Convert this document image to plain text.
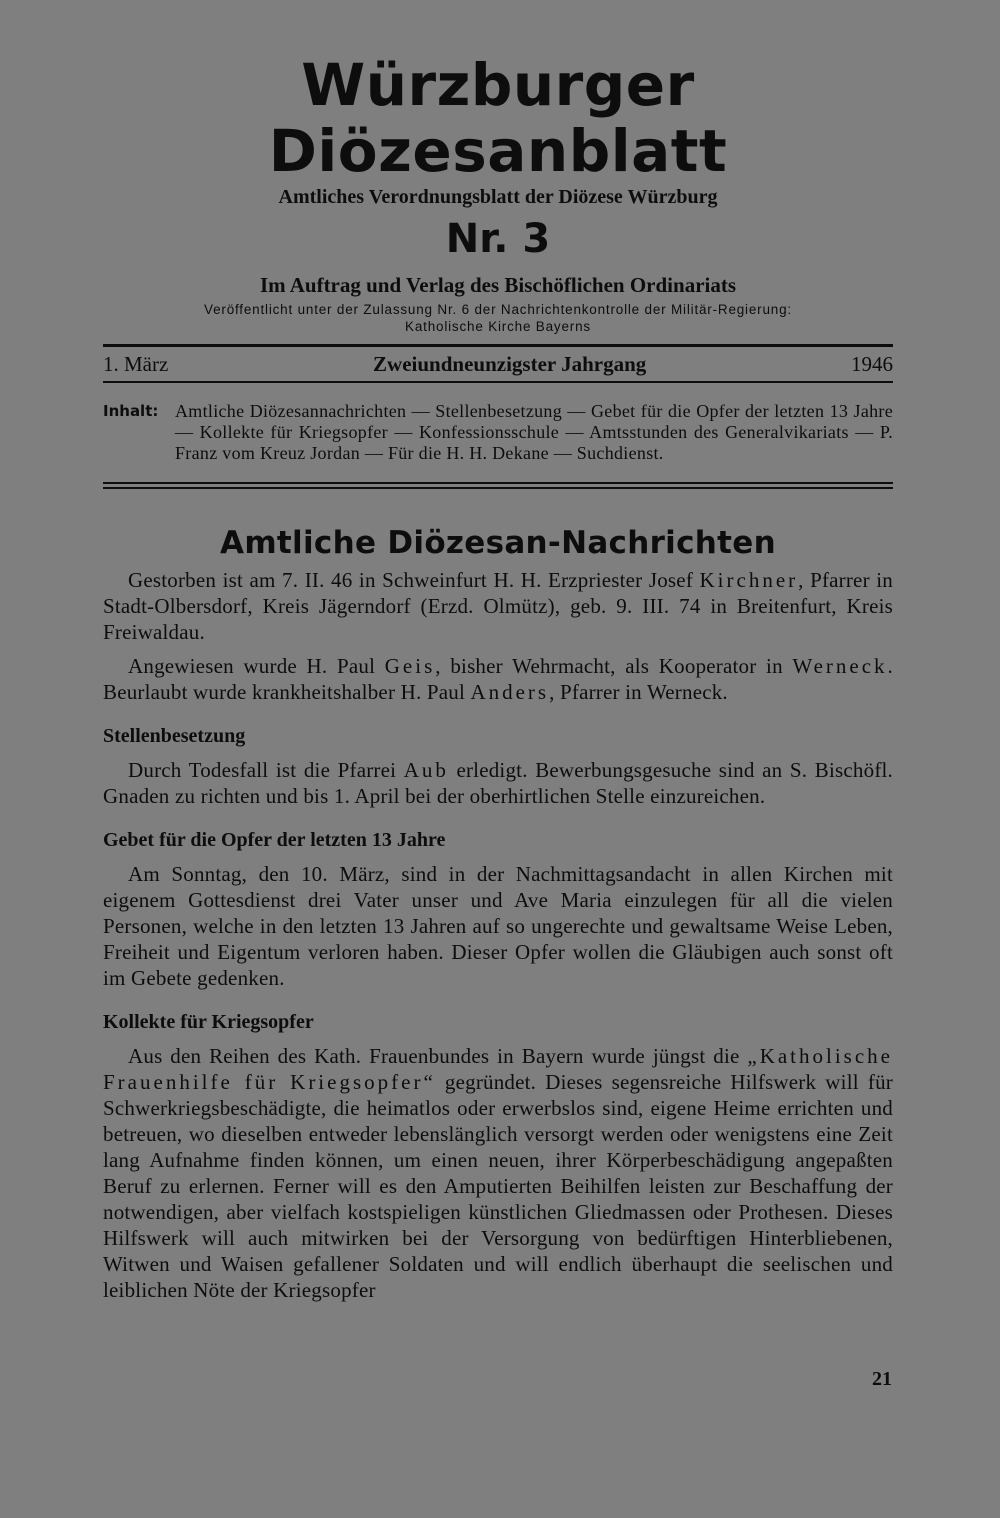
Würzburger Diözesanblatt
Amtliches Verordnungsblatt der Diözese Würzburg
Nr. 3
Im Auftrag und Verlag des Bischöflichen Ordinariats
Veröffentlicht unter der Zulassung Nr. 6 der Nachrichtenkontrolle der Militär-Regierung:
Katholische Kirche Bayerns
1. März	Zweiundneunzigster Jahrgang	1946
Inhalt: Amtliche Diözesannachrichten — Stellenbesetzung — Gebet für die Opfer der letzten 13 Jahre — Kollekte für Kriegsopfer — Konfessionsschule — Amtsstunden des Generalvikariats — P. Franz vom Kreuz Jordan — Für die H. H. Dekane — Suchdienst.
Amtliche Diözesan-Nachrichten

Gestorben ist am 7. II. 46 in Schweinfurt H. H. Erzpriester Josef Kirchner, Pfarrer in Stadt-Olbersdorf, Kreis Jägerndorf (Erzd. Olmütz), geb. 9. III. 74 in Breitenfurt, Kreis Freiwaldau.

Angewiesen wurde H. Paul Geis, bisher Wehrmacht, als Kooperator in Werneck. Beurlaubt wurde krankheitshalber H. Paul Anders, Pfarrer in Werneck.

Stellenbesetzung

Durch Todesfall ist die Pfarrei Aub erledigt. Bewerbungsgesuche sind an S. Bischöfl. Gnaden zu richten und bis 1. April bei der oberhirtlichen Stelle einzureichen.

Gebet für die Opfer der letzten 13 Jahre

Am Sonntag, den 10. März, sind in der Nachmittagsandacht in allen Kirchen mit eigenem Gottesdienst drei Vater unser und Ave Maria einzulegen für all die vielen Personen, welche in den letzten 13 Jahren auf so ungerechte und gewaltsame Weise Leben, Freiheit und Eigentum verloren haben. Dieser Opfer wollen die Gläubigen auch sonst oft im Gebete gedenken.

Kollekte für Kriegsopfer

Aus den Reihen des Kath. Frauenbundes in Bayern wurde jüngst die „Katholische Frauenhilfe für Kriegsopfer“ gegründet. Dieses segensreiche Hilfswerk will für Schwerkriegsbeschädigte, die heimatlos oder erwerbslos sind, eigene Heime errichten und betreuen, wo dieselben entweder lebenslänglich versorgt werden oder wenigstens eine Zeit lang Aufnahme finden können, um einen neuen, ihrer Körperbeschädigung angepaßten Beruf zu erlernen. Ferner will es den Amputierten Beihilfen leisten zur Beschaffung der notwendigen, aber vielfach kostspieligen künstlichen Gliedmassen oder Prothesen. Dieses Hilfswerk will auch mitwirken bei der Versorgung von bedürftigen Hinterbliebenen, Witwen und Waisen gefallener Soldaten und will endlich überhaupt die seelischen und leiblichen Nöte der Kriegsopfer

21
